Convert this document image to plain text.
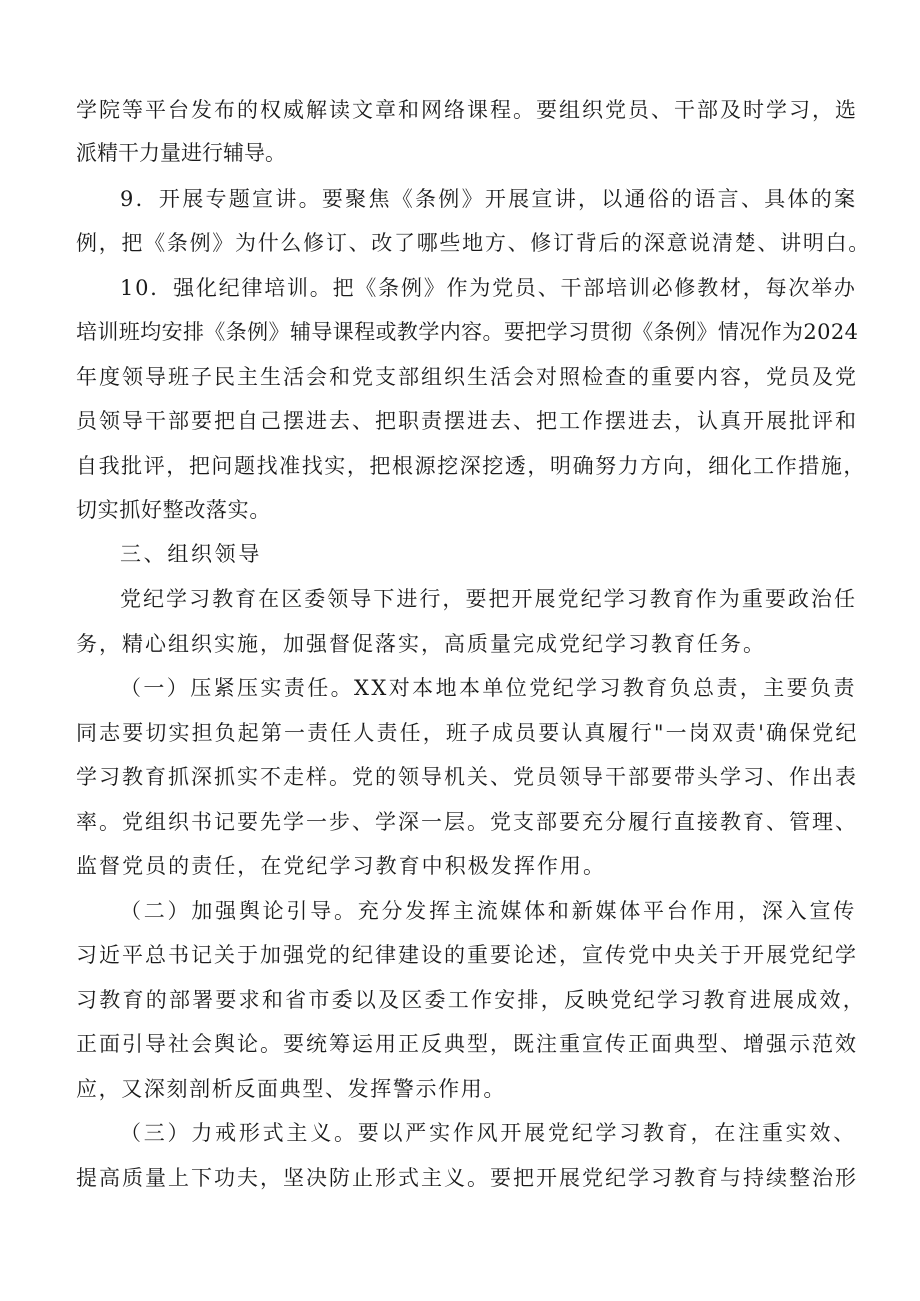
学院等平台发布的权威解读文章和网络课程。要组织党员、干部及时学习，选
派精干力量进行辅导。
9．开展专题宣讲。要聚焦《条例》开展宣讲，以通俗的语言、具体的案
例，把《条例》为什么修订、改了哪些地方、修订背后的深意说清楚、讲明白。
10．强化纪律培训。把《条例》作为党员、干部培训必修教材，每次举办
培训班均安排《条例》辅导课程或教学内容。要把学习贯彻《条例》情况作为2024
年度领导班子民主生活会和党支部组织生活会对照检查的重要内容，党员及党
员领导干部要把自己摆进去、把职责摆进去、把工作摆进去，认真开展批评和
自我批评，把问题找准找实，把根源挖深挖透，明确努力方向，细化工作措施，
切实抓好整改落实。
三、组织领导
党纪学习教育在区委领导下进行，要把开展党纪学习教育作为重要政治任
务，精心组织实施，加强督促落实，高质量完成党纪学习教育任务。
（一）压紧压实责任。XX对本地本单位党纪学习教育负总责，主要负责
同志要切实担负起第一责任人责任，班子成员要认真履行"一岗双责'确保党纪
学习教育抓深抓实不走样。党的领导机关、党员领导干部要带头学习、作出表
率。党组织书记要先学一步、学深一层。党支部要充分履行直接教育、管理、
监督党员的责任，在党纪学习教育中积极发挥作用。
（二）加强舆论引导。充分发挥主流媒体和新媒体平台作用，深入宣传
习近平总书记关于加强党的纪律建设的重要论述，宣传党中央关于开展党纪学
习教育的部署要求和省市委以及区委工作安排，反映党纪学习教育进展成效，
正面引导社会舆论。要统筹运用正反典型，既注重宣传正面典型、增强示范效
应，又深刻剖析反面典型、发挥警示作用。
（三）力戒形式主义。要以严实作风开展党纪学习教育，在注重实效、
提高质量上下功夫，坚决防止形式主义。要把开展党纪学习教育与持续整治形
